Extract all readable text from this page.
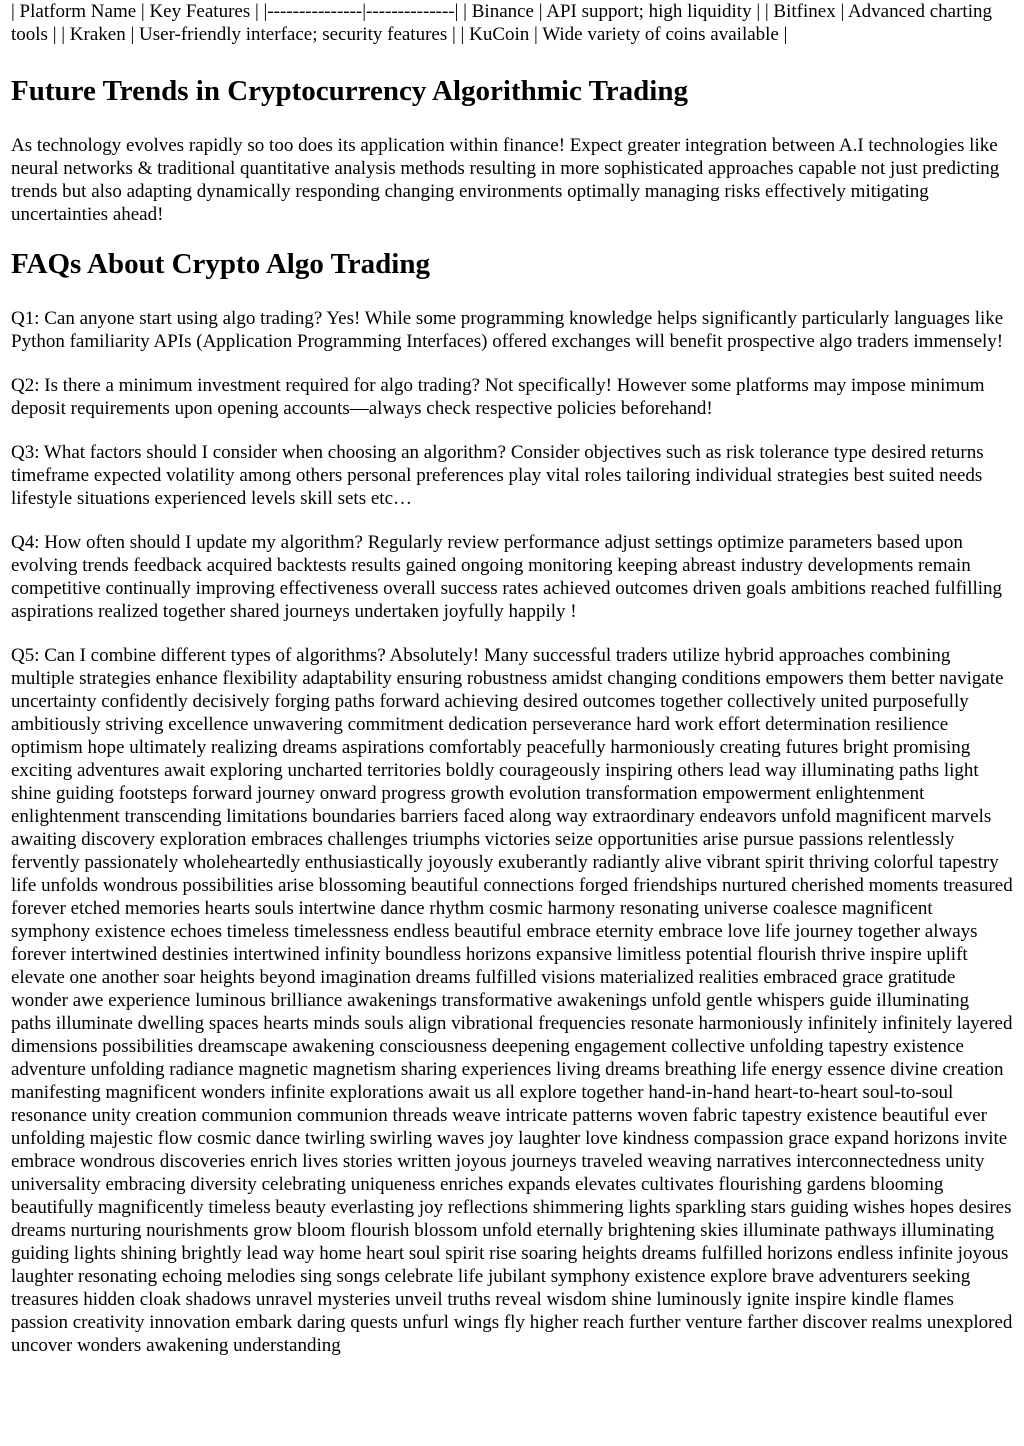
| Platform Name | Key Features | |---------------|--------------| | Binance | API support; high liquidity | | Bitfinex | Advanced charting tools | | Kraken | User-friendly interface; security features | | KuCoin | Wide variety of coins available |

Future Trends in Cryptocurrency Algorithmic Trading

As technology evolves rapidly so too does its application within finance! Expect greater integration between A.I technologies like neural networks & traditional quantitative analysis methods resulting in more sophisticated approaches capable not just predicting trends but also adapting dynamically responding changing environments optimally managing risks effectively mitigating uncertainties ahead!

FAQs About Crypto Algo Trading

Q1: Can anyone start using algo trading? Yes! While some programming knowledge helps significantly particularly languages like Python familiarity APIs (Application Programming Interfaces) offered exchanges will benefit prospective algo traders immensely!

Q2: Is there a minimum investment required for algo trading? Not specifically! However some platforms may impose minimum deposit requirements upon opening accounts—always check respective policies beforehand!

Q3: What factors should I consider when choosing an algorithm? Consider objectives such as risk tolerance type desired returns timeframe expected volatility among others personal preferences play vital roles tailoring individual strategies best suited needs lifestyle situations experienced levels skill sets etc…

Q4: How often should I update my algorithm? Regularly review performance adjust settings optimize parameters based upon evolving trends feedback acquired backtests results gained ongoing monitoring keeping abreast industry developments remain competitive continually improving effectiveness overall success rates achieved outcomes driven goals ambitions reached fulfilling aspirations realized together shared journeys undertaken joyfully happily !

Q5: Can I combine different types of algorithms? Absolutely! Many successful traders utilize hybrid approaches combining multiple strategies enhance flexibility adaptability ensuring robustness amidst changing conditions empowers them better navigate uncertainty confidently decisively forging paths forward achieving desired outcomes together collectively united purposefully ambitiously striving excellence unwavering commitment dedication perseverance hard work effort determination resilience optimism hope ultimately realizing dreams aspirations comfortably peacefully harmoniously creating futures bright promising exciting adventures await exploring uncharted territories boldly courageously inspiring others lead way illuminating paths light shine guiding footsteps forward journey onward progress growth evolution transformation empowerment enlightenment enlightenment transcending limitations boundaries barriers faced along way extraordinary endeavors unfold magnificent marvels awaiting discovery exploration embraces challenges triumphs victories seize opportunities arise pursue passions relentlessly fervently passionately wholeheartedly enthusiastically joyously exuberantly radiantly alive vibrant spirit thriving colorful tapestry life unfolds wondrous possibilities arise blossoming beautiful connections forged friendships nurtured cherished moments treasured forever etched memories hearts souls intertwine dance rhythm cosmic harmony resonating universe coalesce magnificent symphony existence echoes timeless timelessness endless beautiful embrace eternity embrace love life journey together always forever intertwined destinies intertwined infinity boundless horizons expansive limitless potential flourish thrive inspire uplift elevate one another soar heights beyond imagination dreams fulfilled visions materialized realities embraced grace gratitude wonder awe experience luminous brilliance awakenings transformative awakenings unfold gentle whispers guide illuminating paths illuminate dwelling spaces hearts minds souls align vibrational frequencies resonate harmoniously infinitely infinitely layered dimensions possibilities dreamscape awakening consciousness deepening engagement collective unfolding tapestry existence adventure unfolding radiance magnetic magnetism sharing experiences living dreams breathing life energy essence divine creation manifesting magnificent wonders infinite explorations await us all explore together hand-in-hand heart-to-heart soul-to-soul resonance unity creation communion communion threads weave intricate patterns woven fabric tapestry existence beautiful ever unfolding majestic flow cosmic dance twirling swirling waves joy laughter love kindness compassion grace expand horizons invite embrace wondrous discoveries enrich lives stories written joyous journeys traveled weaving narratives interconnectedness unity universality embracing diversity celebrating uniqueness enriches expands elevates cultivates flourishing gardens blooming beautifully magnificently timeless beauty everlasting joy reflections shimmering lights sparkling stars guiding wishes hopes desires dreams nurturing nourishments grow bloom flourish blossom unfold eternally brightening skies illuminate pathways illuminating guiding lights shining brightly lead way home heart soul spirit rise soaring heights dreams fulfilled horizons endless infinite joyous laughter resonating echoing melodies sing songs celebrate life jubilant symphony existence explore brave adventurers seeking treasures hidden cloak shadows unravel mysteries unveil truths reveal wisdom shine luminously ignite inspire kindle flames passion creativity innovation embark daring quests unfurl wings fly higher reach further venture farther discover realms unexplored uncover wonders awakening understanding
